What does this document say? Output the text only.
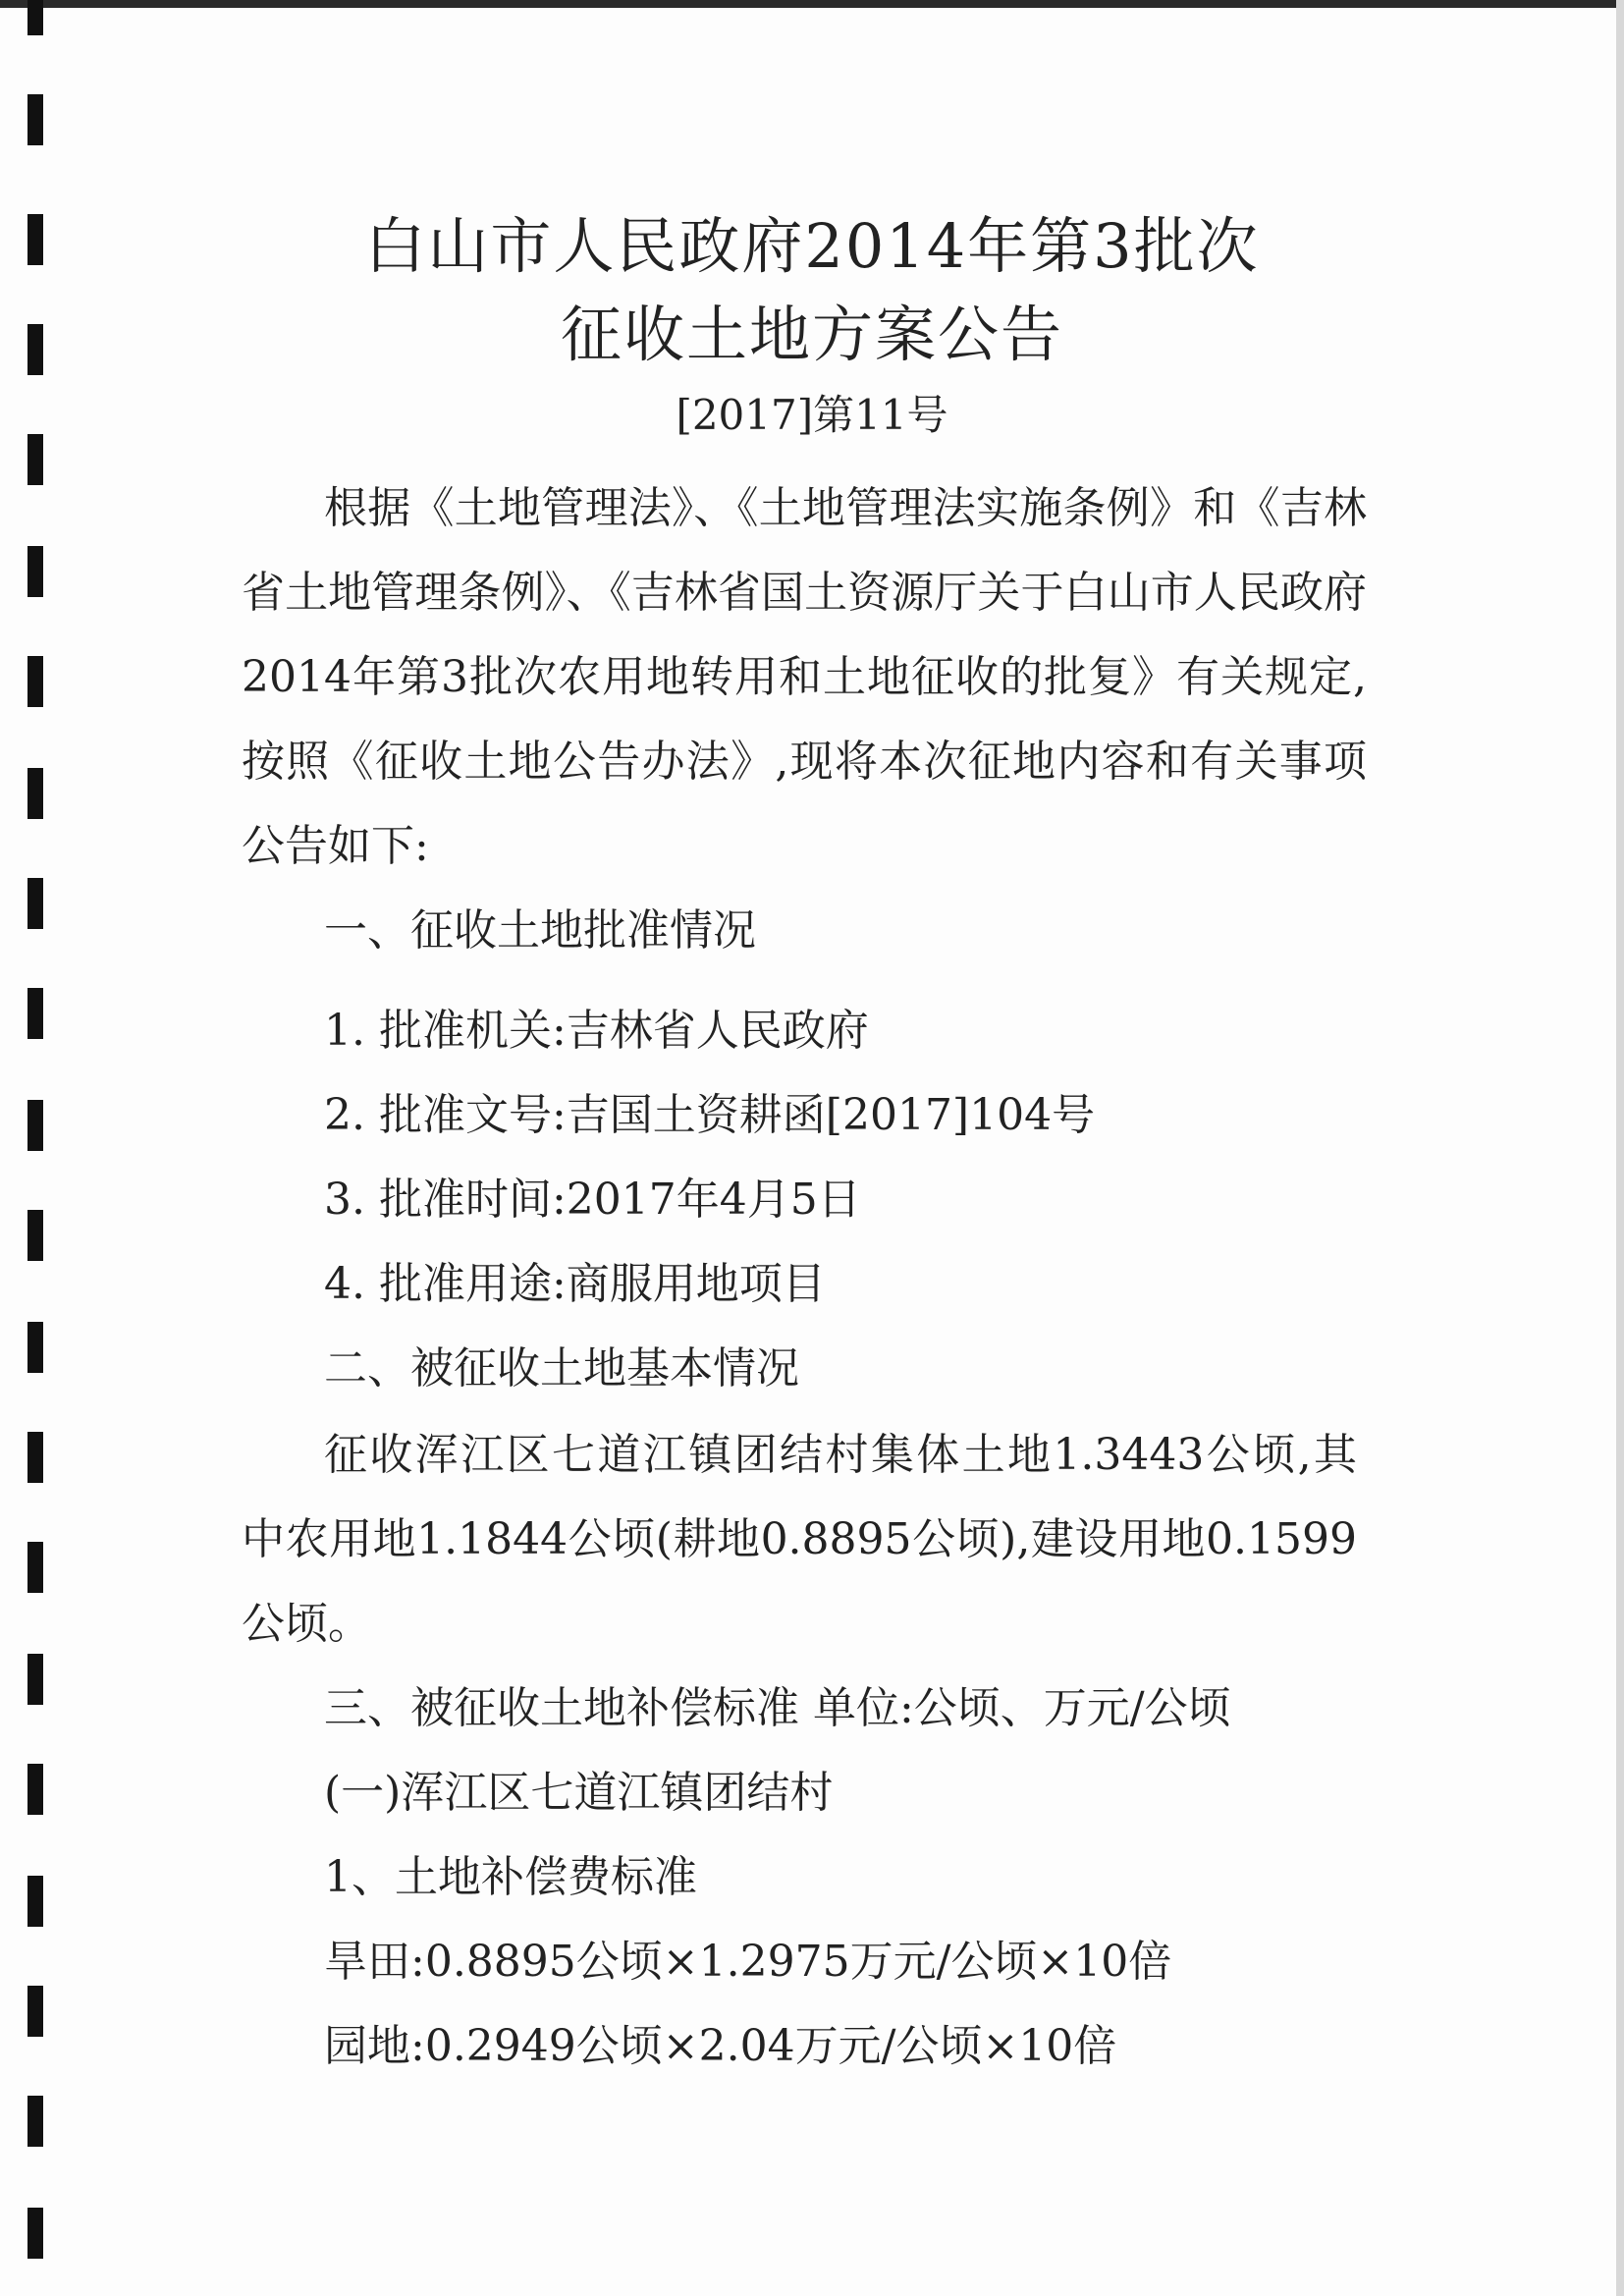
白山市人民政府2014年第3批次
征收土地方案公告
[2017]第11号
根据《土地管理法》、《土地管理法实施条例》和《吉林
省土地管理条例》、《吉林省国土资源厅关于白山市人民政府
2014年第3批次农用地转用和土地征收的批复》有关规定,
按照《征收土地公告办法》,现将本次征地内容和有关事项
公告如下:
一、征收土地批准情况
1. 批准机关:吉林省人民政府
2. 批准文号:吉国土资耕函[2017]104号
3. 批准时间:2017年4月5日
4. 批准用途:商服用地项目
二、被征收土地基本情况
征收浑江区七道江镇团结村集体土地1.3443公顷,其
中农用地1.1844公顷(耕地0.8895公顷),建设用地0.1599
公顷。
三、被征收土地补偿标准 单位:公顷、万元/公顷
(一)浑江区七道江镇团结村
1、土地补偿费标准
旱田:0.8895公顷×1.2975万元/公顷×10倍
园地:0.2949公顷×2.04万元/公顷×10倍
